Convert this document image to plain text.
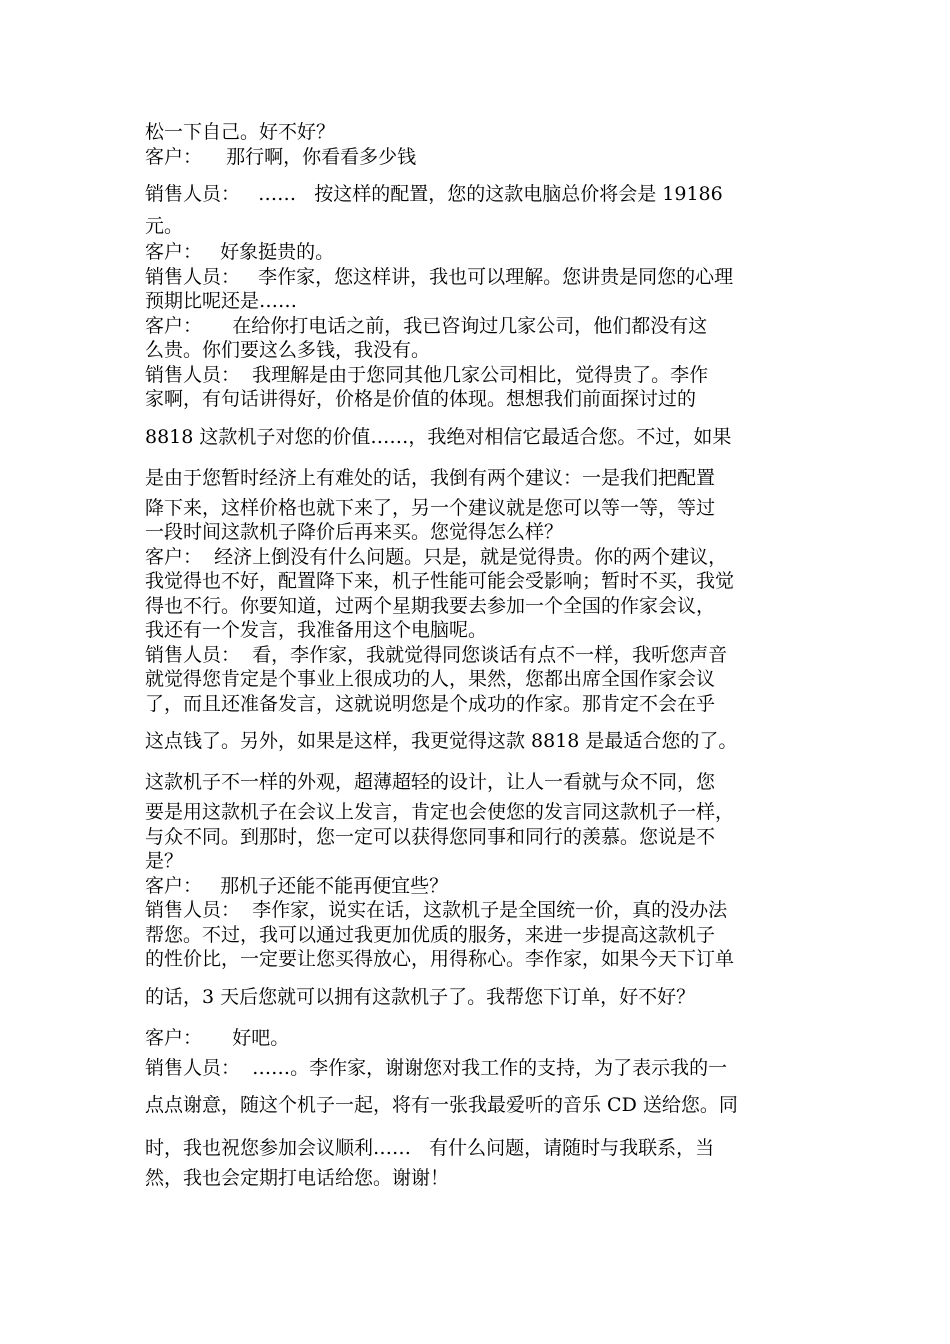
松一下自己。好不好？
客户：    那行啊，你看看多少钱
销售人员：   ……   按这样的配置，您的这款电脑总价将会是 19186
元。
客户：   好象挺贵的。
销售人员：   李作家，您这样讲，我也可以理解。您讲贵是同您的心理
预期比呢还是……
客户：     在给你打电话之前，我已咨询过几家公司，他们都没有这
么贵。你们要这么多钱，我没有。
销售人员：  我理解是由于您同其他几家公司相比，觉得贵了。李作
家啊，有句话讲得好，价格是价值的体现。想想我们前面探讨过的
8818 这款机子对您的价值……，我绝对相信它最适合您。不过，如果
是由于您暂时经济上有难处的话，我倒有两个建议：一是我们把配置
降下来，这样价格也就下来了，另一个建议就是您可以等一等，等过
一段时间这款机子降价后再来买。您觉得怎么样？
客户：  经济上倒没有什么问题。只是，就是觉得贵。你的两个建议，
我觉得也不好，配置降下来，机子性能可能会受影响；暂时不买，我觉
得也不行。你要知道，过两个星期我要去参加一个全国的作家会议，
我还有一个发言，我准备用这个电脑呢。
销售人员：  看，李作家，我就觉得同您谈话有点不一样，我听您声音
就觉得您肯定是个事业上很成功的人，果然，您都出席全国作家会议
了，而且还准备发言，这就说明您是个成功的作家。那肯定不会在乎
这点钱了。另外，如果是这样，我更觉得这款 8818 是最适合您的了。
这款机子不一样的外观，超薄超轻的设计，让人一看就与众不同，您
要是用这款机子在会议上发言，肯定也会使您的发言同这款机子一样，
与众不同。到那时，您一定可以获得您同事和同行的羡慕。您说是不
是？
客户：   那机子还能不能再便宜些？
销售人员：  李作家，说实在话，这款机子是全国统一价，真的没办法
帮您。不过，我可以通过我更加优质的服务，来进一步提高这款机子
的性价比，一定要让您买得放心，用得称心。李作家，如果今天下订单
的话，3 天后您就可以拥有这款机子了。我帮您下订单，好不好？
客户：     好吧。
销售人员：  ……。李作家，谢谢您对我工作的支持，为了表示我的一
点点谢意，随这个机子一起，将有一张我最爱听的音乐 CD 送给您。同
时，我也祝您参加会议顺利……   有什么问题，请随时与我联系，当
然，我也会定期打电话给您。谢谢！
